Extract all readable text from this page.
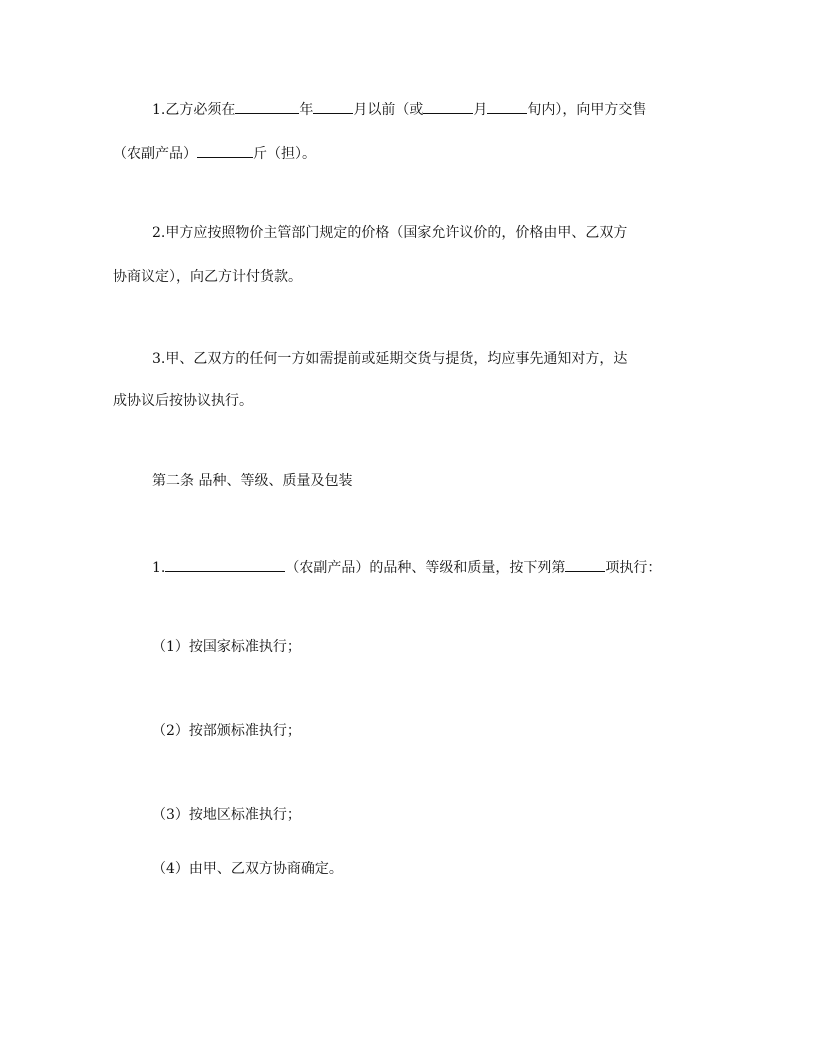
1.乙方必须在	年	月以前（或	月	旬内），向甲方交售
（农副产品）	斤（担）。
2.甲方应按照物价主管部门规定的价格（国家允许议价的，价格由甲、乙双方
协商议定），向乙方计付货款。
3.甲、乙双方的任何一方如需提前或延期交货与提货，均应事先通知对方，达
成协议后按协议执行。
第二条 品种、等级、质量及包装
1.	（农副产品）的品种、等级和质量，按下列第	项执行：
（1）按国家标准执行；
（2）按部颁标准执行；
（3）按地区标准执行；
（4）由甲、乙双方协商确定。
